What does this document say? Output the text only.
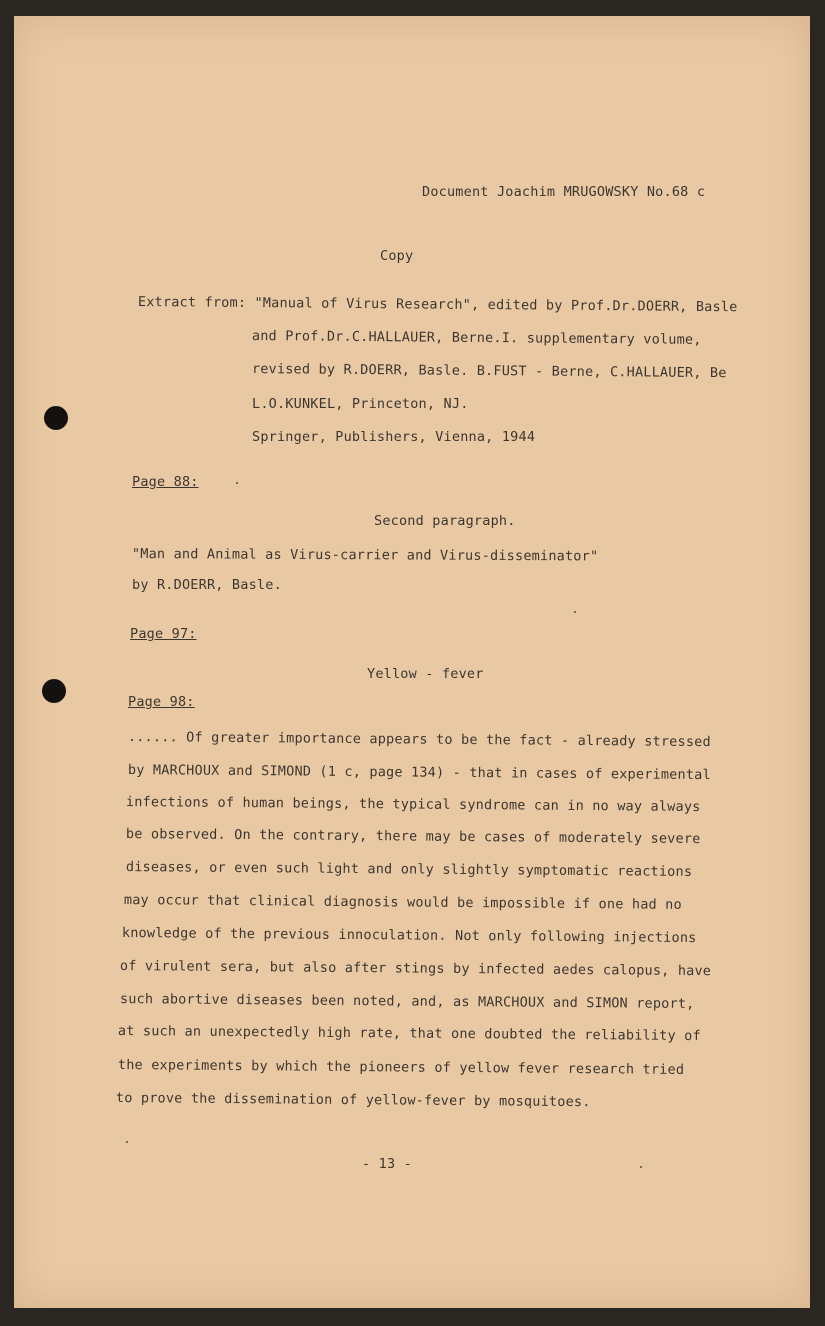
Document Joachim MRUGOWSKY No.68 c
Copy
Extract from: "Manual of Virus Research", edited by Prof.Dr.DOERR, Basle
and Prof.Dr.C.HALLAUER, Berne.I. supplementary volume,
revised by R.DOERR, Basle. B.FUST - Berne, C.HALLAUER, Be
L.O.KUNKEL, Princeton, NJ.
Springer, Publishers, Vienna, 1944
Page 88:
Second paragraph.
"Man and Animal as Virus-carrier and Virus-disseminator"
by R.DOERR, Basle.
Page 97:
Yellow - fever
Page 98:
...... Of greater importance appears to be the fact - already stressed
by MARCHOUX and SIMOND (1 c, page 134) - that in cases of experimental
infections of human beings, the typical syndrome can in no way always
be observed. On the contrary, there may be cases of moderately severe
diseases, or even such light and only slightly symptomatic reactions
may occur that clinical diagnosis would be impossible if one had no
knowledge of the previous innoculation. Not only following injections
of virulent sera, but also after stings by infected aedes calopus, have
such abortive diseases been noted, and, as MARCHOUX and SIMON report,
at such an unexpectedly high rate, that one doubted the reliability of
the experiments by which the pioneers of yellow fever research tried
to prove the dissemination of yellow-fever by mosquitoes.
- 13 -
